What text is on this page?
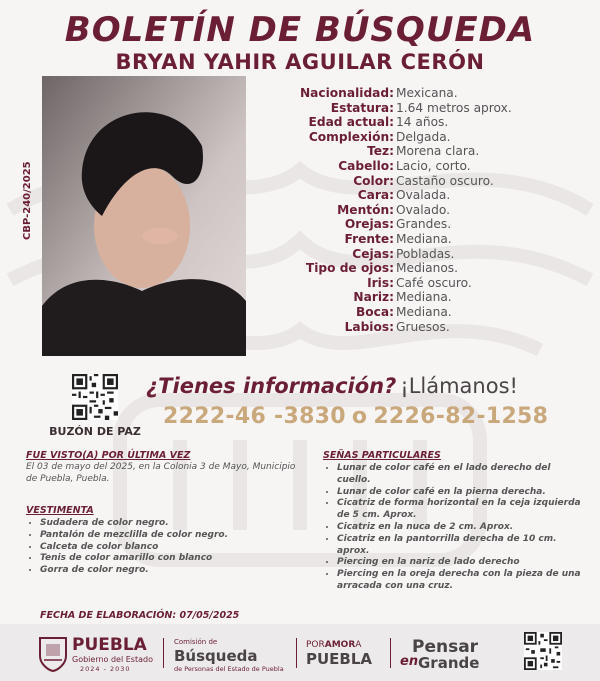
BOLETÍN DE BÚSQUEDA
BRYAN YAHIR AGUILAR CERÓN
CBP-240/2025
Nacionalidad: Mexicana.
Estatura: 1.64 metros aprox.
Edad actual: 14 años.
Complexión: Delgada.
Tez: Morena clara.
Cabello: Lacio, corto.
Color: Castaño oscuro.
Cara: Ovalada.
Mentón: Ovalado.
Orejas: Grandes.
Frente: Mediana.
Cejas: Pobladas.
Tipo de ojos: Medianos.
Iris: Café oscuro.
Nariz: Mediana.
Boca: Mediana.
Labios: Gruesos.
BUZÓN DE PAZ
¿Tienes información? ¡Llámanos!
2222-46 -3830 o 2226-82-1258
FUE VISTO(A) POR ÚLTIMA VEZ
El 03 de mayo del 2025, en la Colonia 3 de Mayo, Municipio de Puebla, Puebla.
VESTIMENTA
• Sudadera de color negro.
• Pantalón de mezclilla de color negro.
• Calceta de color blanco
• Tenis de color amarillo con blanco
• Gorra de color negro.
SEÑAS PARTICULARES
• Lunar de color café en el lado derecho del cuello.
• Lunar de color café en la pierna derecha.
• Cicatriz de forma horizontal en la ceja izquierda de 5 cm. Aprox.
• Cicatriz en la nuca de 2 cm. Aprox.
• Cicatriz en la pantorrilla derecha de 10 cm. aprox.
• Piercing en la nariz de lado derecho
• Piercing en la oreja derecha con la pieza de una arracada con una cruz.
FECHA DE ELABORACIÓN: 07/05/2025
PUEBLA
Gobierno del Estado
2024 - 2030
Comisión de
Búsqueda
de Personas del Estado de Puebla
PORAMORA
PUEBLA
Pensar
en Grande
